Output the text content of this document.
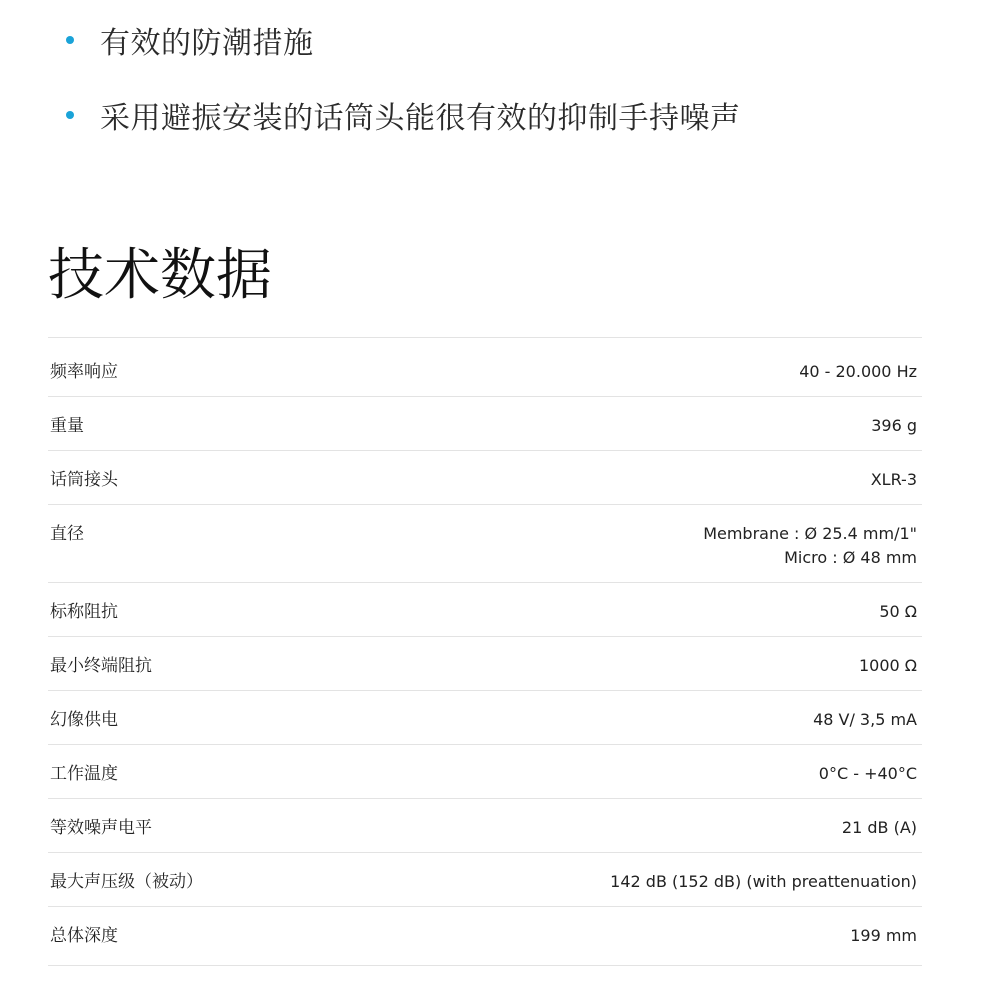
有效的防潮措施
采用避振安装的话筒头能很有效的抑制手持噪声
技术数据
频率响应	40 - 20.000 Hz
重量	396 g
话筒接头	XLR-3
直径	Membrane : Ø 25.4 mm/1"
Micro : Ø 48 mm
标称阻抗	50 Ω
最小终端阻抗	1000 Ω
幻像供电	48 V/ 3,5 mA
工作温度	0°C - +40°C
等效噪声电平	21 dB (A)
最大声压级（被动）	142 dB (152 dB) (with preattenuation)
总体深度	199 mm
